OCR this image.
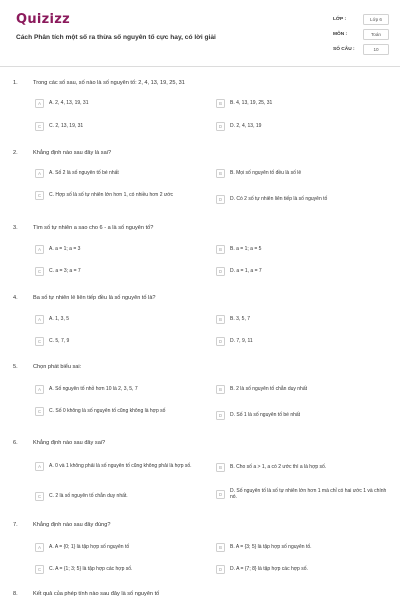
Quizizz
Cách Phân tích một số ra thừa số nguyên tố cực hay, có lời giải
LỚP :	Lớp 6
MÔN :	Toán
SỐ CÂU :	10
1.	Trong các số sau, số nào là số nguyên tố: 2, 4, 13, 19, 25, 31
A	A. 2, 4, 13, 19, 31	B	B. 4, 13, 19, 25, 31
C	C. 2, 13, 19, 31	D	D. 2, 4, 13, 19
2.	Khẳng định nào sau đây là sai?
A	A. Số 2 là số nguyên tố bé nhất	B	B. Mọi số nguyên tố đều là số lẻ
C	C. Hợp số là số tự nhiên lớn hơn 1, có nhiều hơn 2 ước
D	D. Có 2 số tự nhiên liên tiếp là số nguyên tố
3.	Tìm số tự nhiên a sao cho 6 - a là số nguyên tố?
A	A. a = 1; a = 3	B	B. a = 1; a = 5
C	C. a = 3; a = 7	D	D. a = 1, a = 7
4.	Ba số tự nhiên lẻ liên tiếp đều là số nguyên tố là?
A	A. 1, 3, 5	B	B. 3, 5, 7
C	C. 5, 7, 9	D	D. 7, 9, 11
5.	Chọn phát biểu sai:
A	A. Số nguyên tố nhỏ hơn 10 là 2, 3, 5, 7	B	B. 2 là số nguyên tố chẵn duy nhất
C	C. Số 0 không là số nguyên tố cũng không là hợp số
D	D. Số 1 là số nguyên tố bé nhất
6.	Khẳng định nào sau đây sai?
A	A. 0 và 1 không phải là số nguyên tố cũng không phải là hợp số.	B	B. Cho số a > 1, a có 2 ước thì a là hợp số.
C	C. 2 là số nguyên tố chẵn duy nhất.	D
D. Số nguyên tố là số tự nhiên lớn hơn 1 mà chỉ có hai ước 1 và chính nó.
7.	Khẳng định nào sau đây đúng?
A	A. A = {0; 1} là tập hợp số nguyên tố	B	B. A = {3; 5} là tập hợp số nguyên tố.
C	C. A = {1; 3; 5} là tập hợp các hợp số.	D	D. A = {7; 8} là tập hợp các hợp số.
8.	Kết quả của phép tính nào sau đây là số nguyên tố
